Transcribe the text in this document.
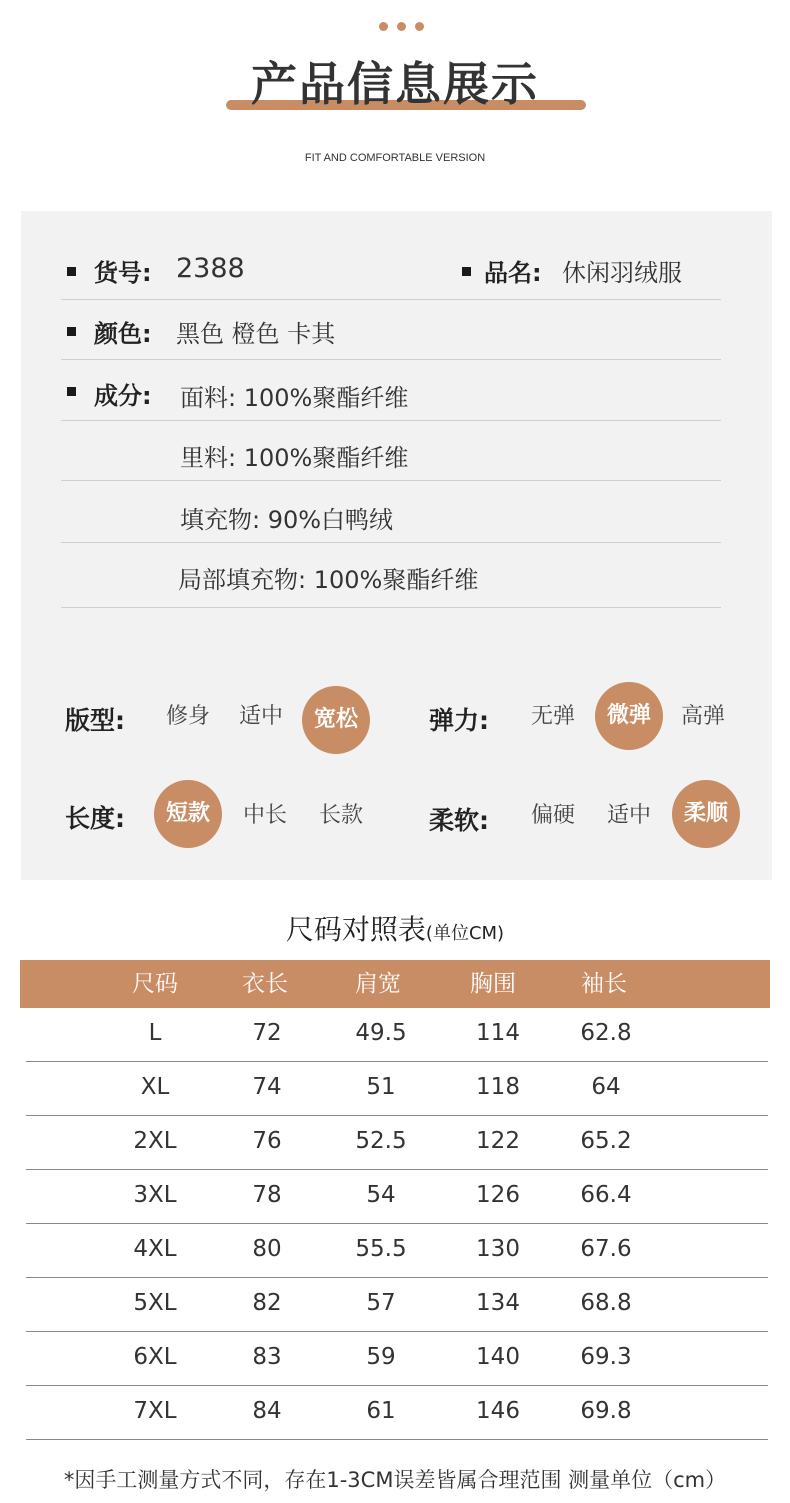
产品信息展示
FIT AND COMFORTABLE VERSION
货号: 2388	品名: 休闲羽绒服
颜色: 黑色 橙色 卡其
成分: 面料: 100%聚酯纤维
里料: 100%聚酯纤维
填充物: 90%白鸭绒
局部填充物: 100%聚酯纤维
版型:	修身	适中	宽松	弹力:	无弹	微弹	高弹
长度:	短款	中长	长款	柔软:	偏硬	适中	柔顺
尺码对照表(单位CM)
尺码	衣长	肩宽	胸围	袖长
L	72	49.5	114	62.8
XL	74	51	118	64
2XL	76	52.5	122	65.2
3XL	78	54	126	66.4
4XL	80	55.5	130	67.6
5XL	82	57	134	68.8
6XL	83	59	140	69.3
7XL	84	61	146	69.8
*因手工测量方式不同，存在1-3CM误差皆属合理范围 测量单位（cm）
